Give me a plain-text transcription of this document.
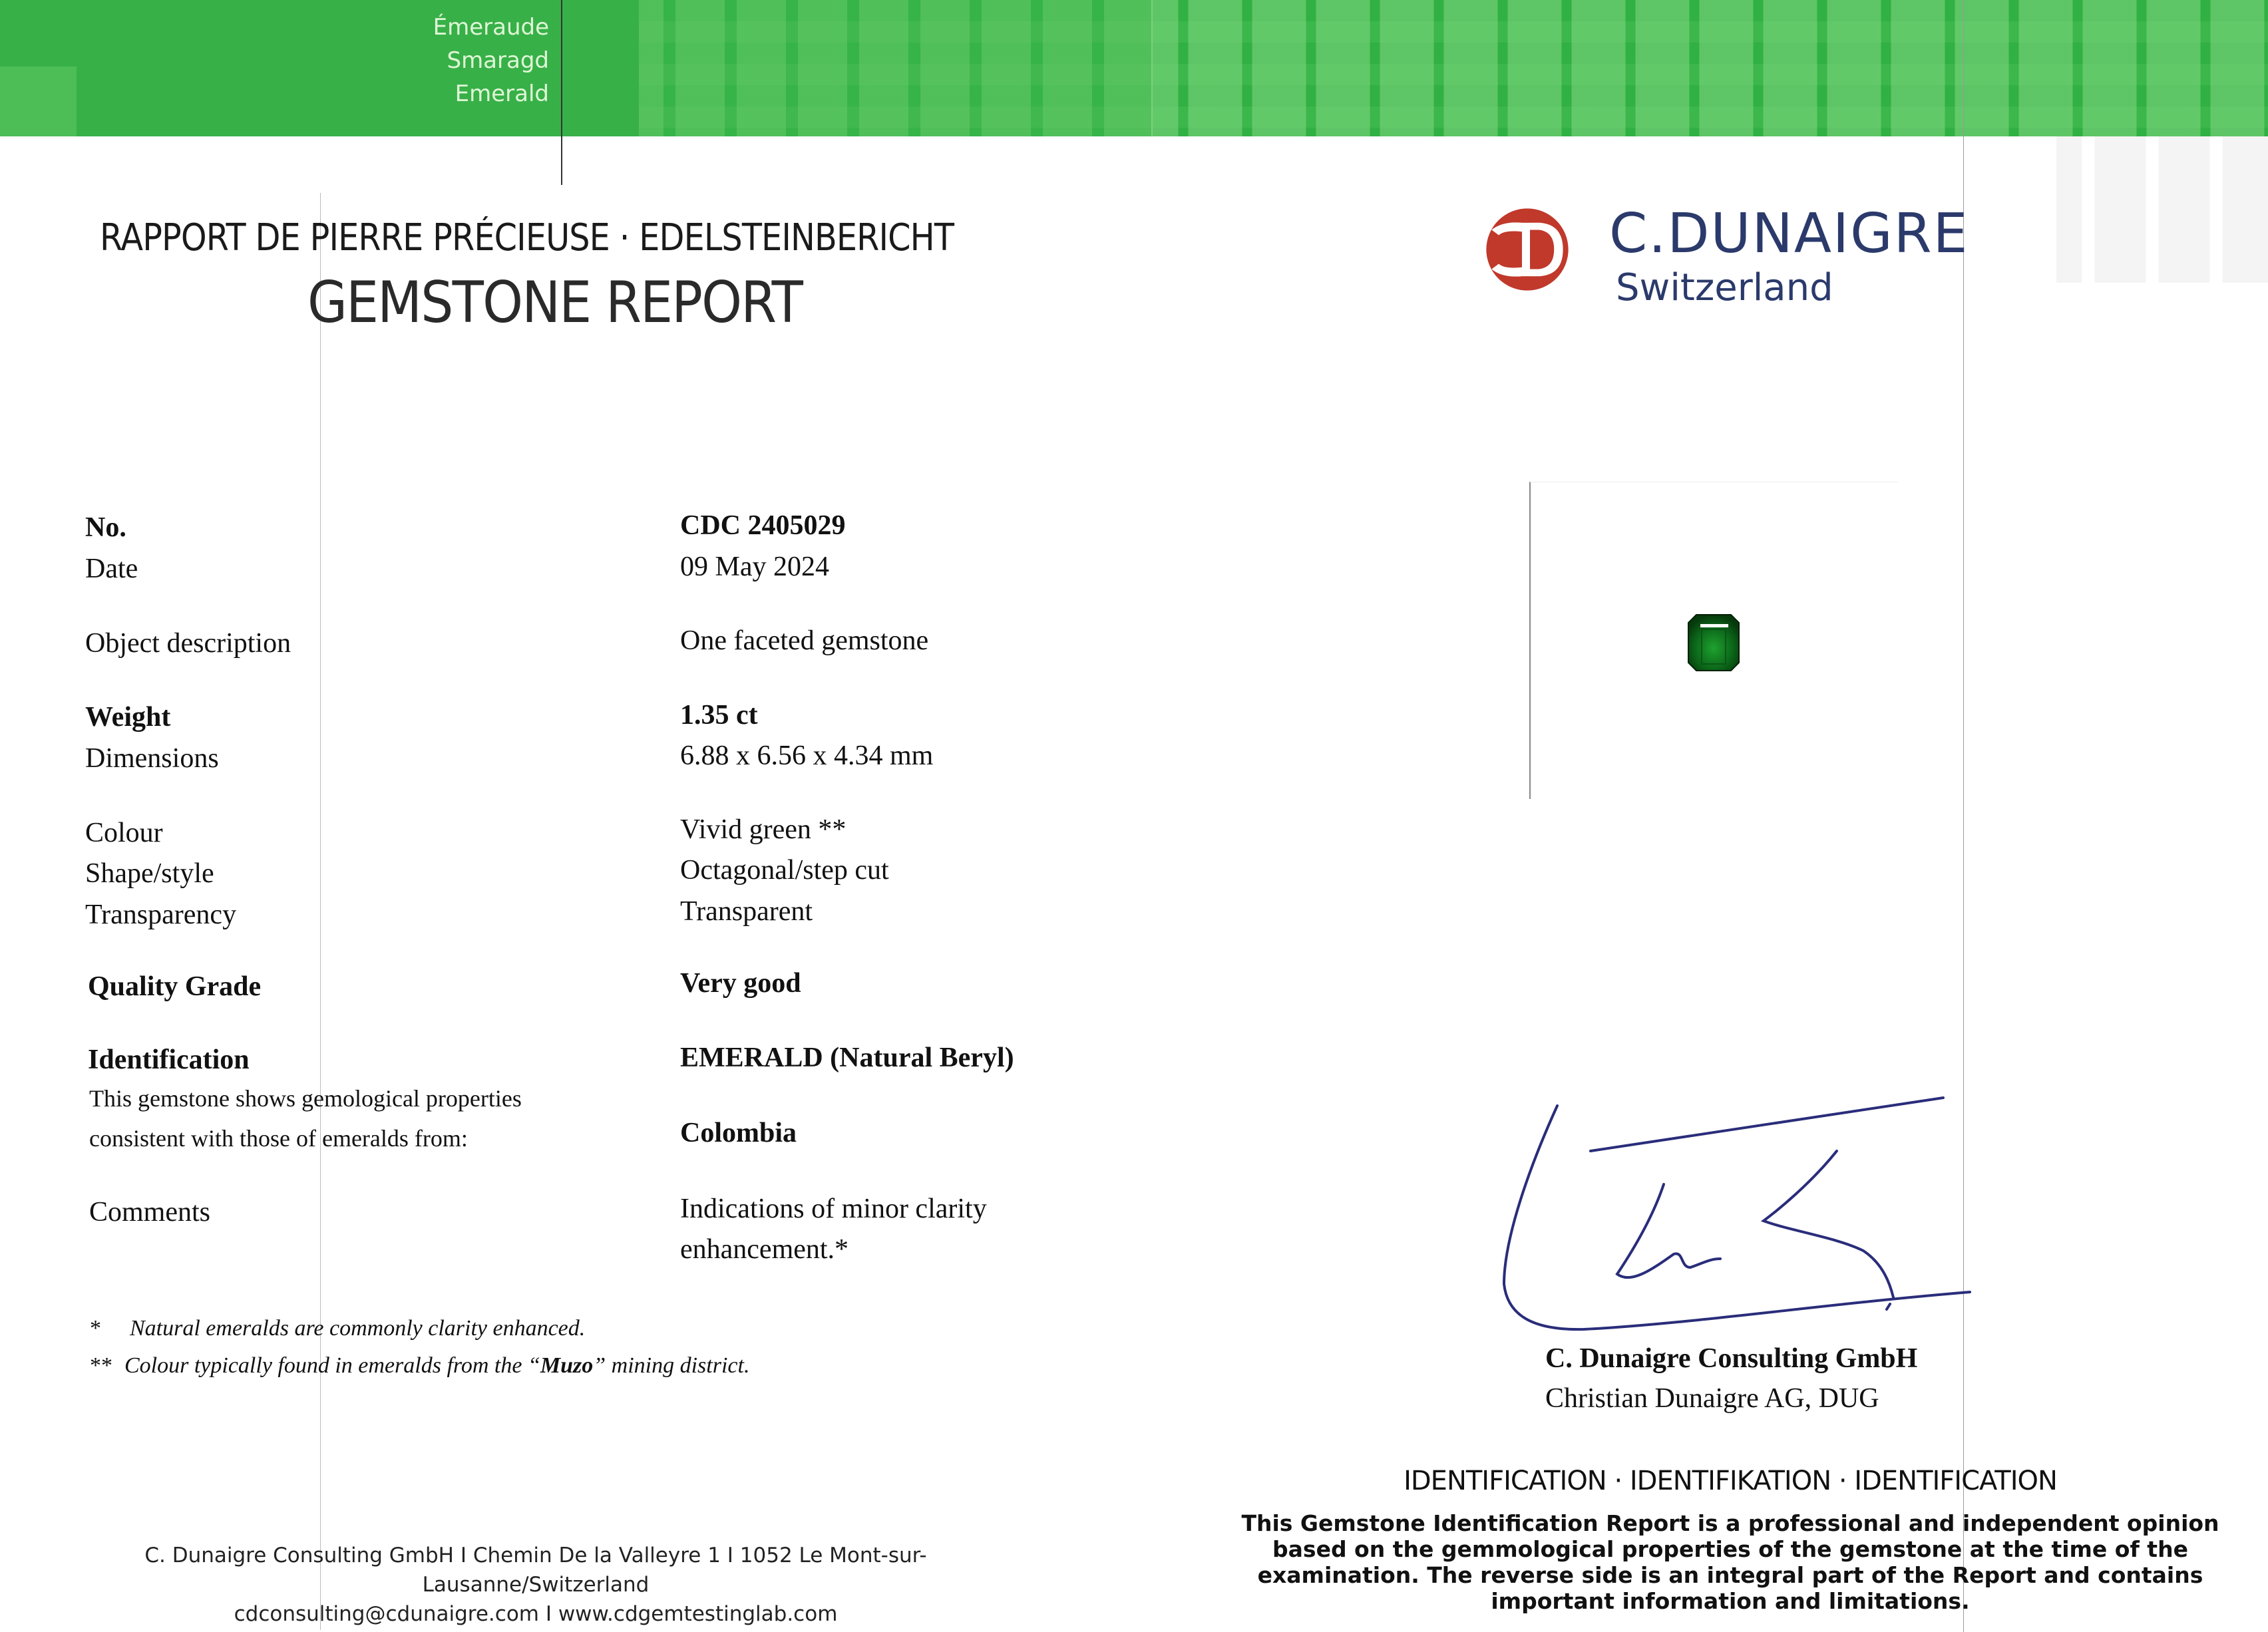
Émeraude
Smaragd
Emerald
RAPPORT DE PIERRE PRÉCIEUSE · EDELSTEINBERICHT
GEMSTONE REPORT
C.DUNAIGRE
Switzerland
No.	CDC 2405029
Date	09 May 2024
Object description	One faceted gemstone
Weight	1.35 ct
Dimensions	6.88 x 6.56 x 4.34 mm
Colour	Vivid green **
Shape/style	Octagonal/step cut
Transparency	Transparent
Quality Grade	Very good
Identification	EMERALD (Natural Beryl)
This gemstone shows gemological properties
consistent with those of emeralds from:	Colombia
Comments	Indications of minor clarity
enhancement.*
* Natural emeralds are commonly clarity enhanced.
** Colour typically found in emeralds from the “Muzo” mining district.
C. Dunaigre Consulting GmbH I Chemin De la Valleyre 1 I 1052 Le Mont-sur-Lausanne/Switzerland
cdconsulting@cdunaigre.com I www.cdgemtestinglab.com
C. Dunaigre Consulting GmbH
Christian Dunaigre AG, DUG
IDENTIFICATION · IDENTIFIKATION · IDENTIFICATION
This Gemstone Identification Report is a professional and independent opinion
based on the gemmological properties of the gemstone at the time of the
examination. The reverse side is an integral part of the Report and contains
important information and limitations.
